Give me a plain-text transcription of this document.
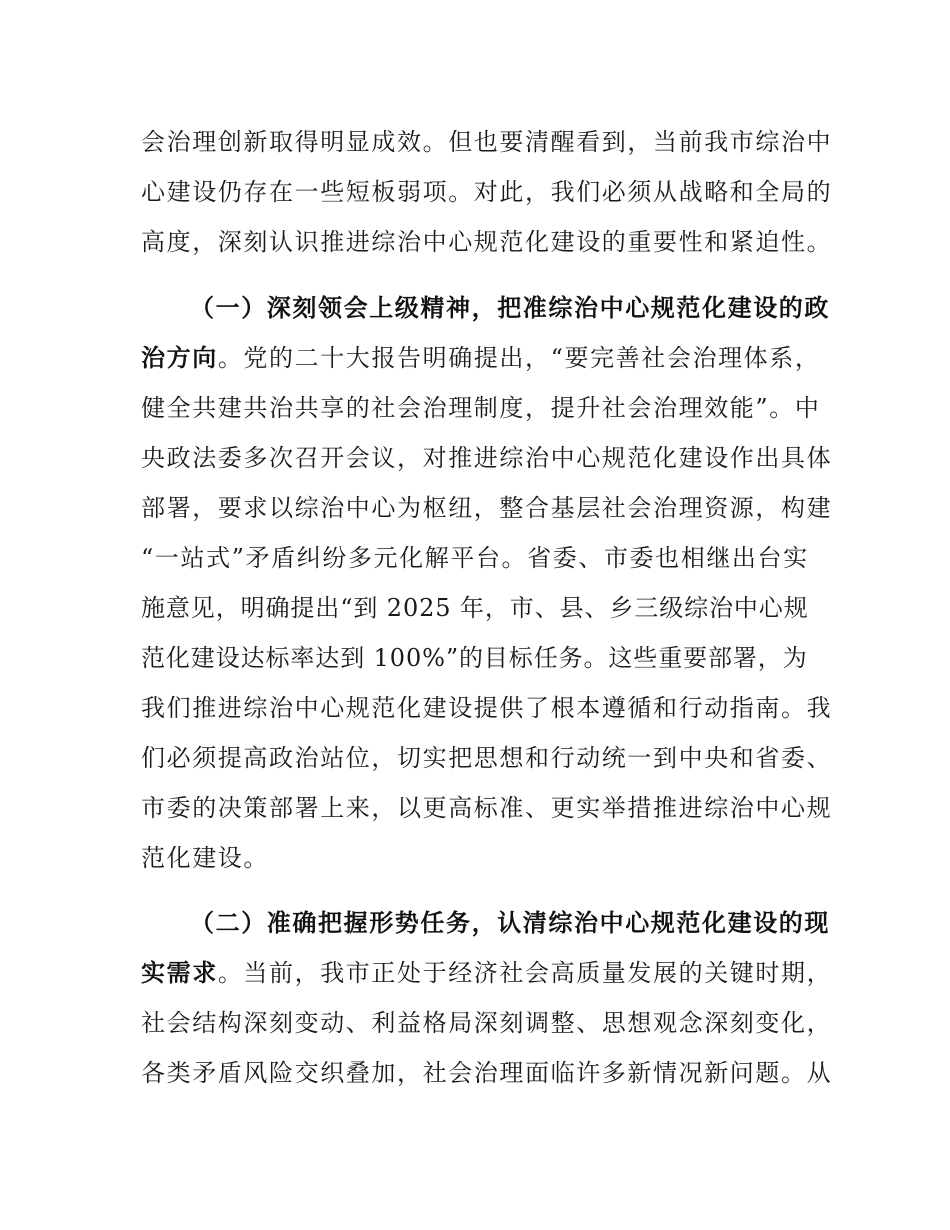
会治理创新取得明显成效。但也要清醒看到，当前我市综治中
心建设仍存在一些短板弱项。对此，我们必须从战略和全局的
高度，深刻认识推进综治中心规范化建设的重要性和紧迫性。
（一）深刻领会上级精神，把准综治中心规范化建设的政
治方向。党的二十大报告明确提出，“要完善社会治理体系，
健全共建共治共享的社会治理制度，提升社会治理效能”。中
央政法委多次召开会议，对推进综治中心规范化建设作出具体
部署，要求以综治中心为枢纽，整合基层社会治理资源，构建
“一站式”矛盾纠纷多元化解平台。省委、市委也相继出台实
施意见，明确提出“到 2025 年，市、县、乡三级综治中心规
范化建设达标率达到 100%”的目标任务。这些重要部署，为
我们推进综治中心规范化建设提供了根本遵循和行动指南。我
们必须提高政治站位，切实把思想和行动统一到中央和省委、
市委的决策部署上来，以更高标准、更实举措推进综治中心规
范化建设。
（二）准确把握形势任务，认清综治中心规范化建设的现
实需求。当前，我市正处于经济社会高质量发展的关键时期，
社会结构深刻变动、利益格局深刻调整、思想观念深刻变化，
各类矛盾风险交织叠加，社会治理面临许多新情况新问题。从
